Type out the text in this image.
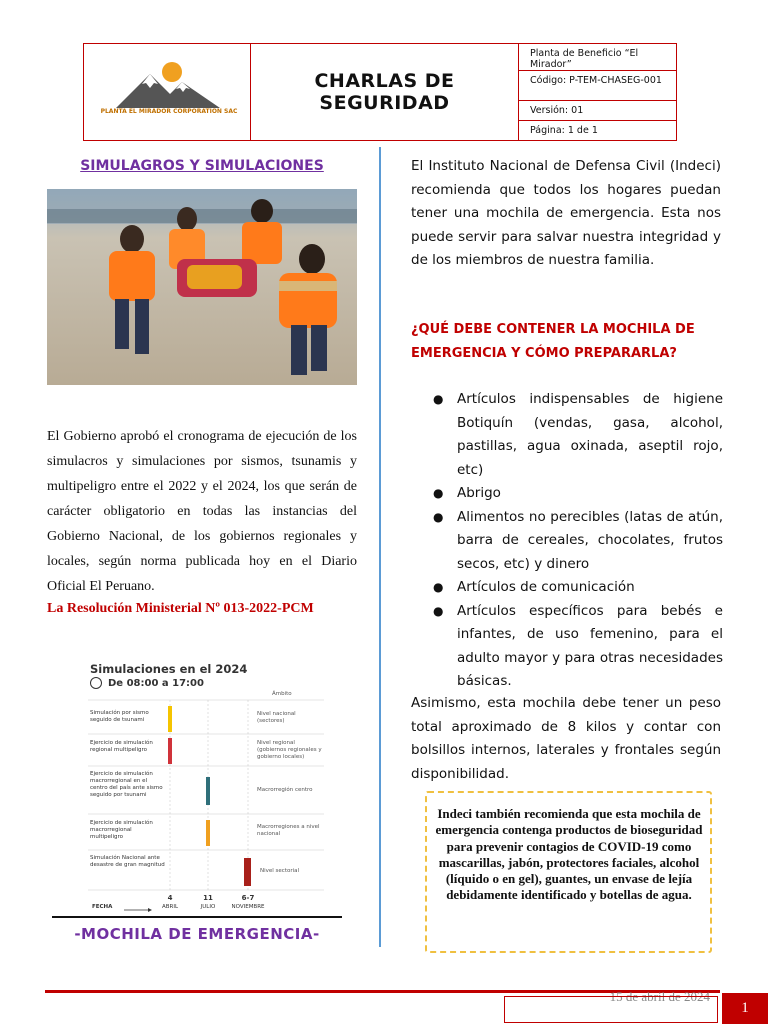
PLANTA EL MIRADOR CORPORATION SAC
CHARLAS DE
SEGURIDAD
Planta de Beneficio “El Mirador”
Código: P-TEM-CHASEG-001
Versión: 01
Página: 1 de 1
SIMULAGROS Y SIMULACIONES
El Gobierno aprobó el cronograma de ejecución de los simulacros y simulaciones por sismos, tsunamis y multipeligro entre el 2022 y el 2024, los que serán de carácter obligatorio en todas las instancias del Gobierno Nacional, de los gobiernos regionales y locales, según norma publicada hoy en el Diario Oficial El Peruano.
La Resolución Ministerial Nº 013-2022-PCM
Simulaciones en el 2024
De 08:00 a 17:00
Ámbito
Simulación por sismo seguido de tsunami
Nivel nacional (sectores)
Ejercicio de simulación regional multipeligro
Nivel regional (gobiernos regionales y gobierno locales)
Ejercicio de simulación macrorregional en el centro del país ante sismo seguido por tsunami
Macrorregión centro
Ejercicio de simulación macrorregional multipeligro
Macrorregiones a nivel nacional
Simulación Nacional ante desastre de gran magnitud
Nivel sectorial
FECHA
4
ABRIL
11
JULIO
6-7
NOVIEMBRE
-MOCHILA DE EMERGENCIA-
El Instituto Nacional de Defensa Civil (Indeci) recomienda que todos los hogares puedan tener una mochila de emergencia. Esta nos puede servir para salvar nuestra integridad y de los miembros de nuestra familia.
¿QUÉ DEBE CONTENER LA MOCHILA DE EMERGENCIA Y CÓMO PREPARARLA?
● Artículos indispensables de higiene Botiquín (vendas, gasa, alcohol, pastillas, agua oxinada, aseptil rojo, etc)
● Abrigo
● Alimentos no perecibles (latas de atún, barra de cereales, chocolates, frutos secos, etc) y dinero
● Artículos de comunicación
● Artículos específicos para bebés e infantes, de uso femenino, para el adulto mayor y para otras necesidades básicas.
Asimismo, esta mochila debe tener un peso total aproximado de 8 kilos y contar con bolsillos internos, laterales y frontales según disponibilidad.
Indeci también recomienda que esta mochila de emergencia contenga productos de bioseguridad para prevenir contagios de COVID-19 como mascarillas, jabón, protectores faciales, alcohol (líquido o en gel), guantes, un envase de lejía debidamente identificado y botellas de agua.
15 de abril de 2024
1
